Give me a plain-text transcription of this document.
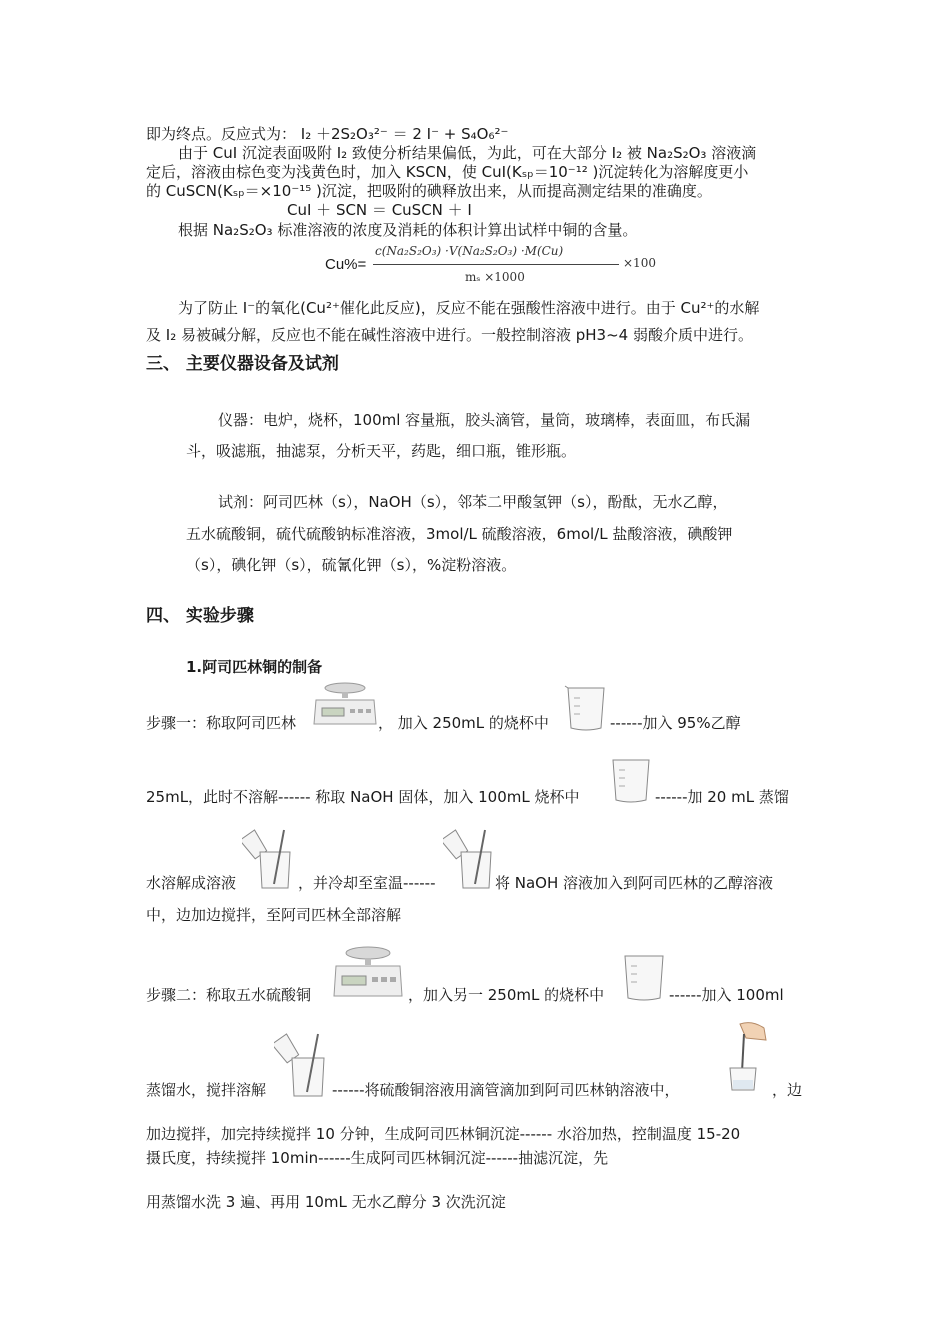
即为终点。反应式为： I₂ ＋2S₂O₃²⁻ ＝ 2 I⁻ + S₄O₆²⁻
由于 CuI 沉淀表面吸附 I₂ 致使分析结果偏低，为此，可在大部分 I₂ 被 Na₂S₂O₃ 溶液滴
定后，溶液由棕色变为浅黄色时，加入 KSCN，使 CuI(Kₛₚ＝10⁻¹² )沉淀转化为溶解度更小
的 CuSCN(Kₛₚ＝×10⁻¹⁵ )沉淀，把吸附的碘释放出来，从而提高测定结果的准确度。
CuI ＋ SCN ＝ CuSCN ＋ I
根据 Na₂S₂O₃ 标准溶液的浓度及消耗的体积计算出试样中铜的含量。
Cu%=
c(Na₂S₂O₃) ·V(Na₂S₂O₃) ·M(Cu)
mₛ ×1000
×100
为了防止 I⁻的氧化(Cu²⁺催化此反应)，反应不能在强酸性溶液中进行。由于 Cu²⁺的水解
及 I₂ 易被碱分解，反应也不能在碱性溶液中进行。一般控制溶液 pH3~4 弱酸介质中进行。
三、 主要仪器设备及试剂
仪器：电炉，烧杯，100ml 容量瓶，胶头滴管，量筒，玻璃棒，表面皿，布氏漏
斗，吸滤瓶，抽滤泵，分析天平，药匙，细口瓶，锥形瓶。
试剂：阿司匹林（s），NaOH（s），邻苯二甲酸氢钾（s），酚酞，无水乙醇，
五水硫酸铜，硫代硫酸钠标准溶液，3mol/L 硫酸溶液，6mol/L 盐酸溶液，碘酸钾
（s），碘化钾（s），硫氰化钾（s），%淀粉溶液。
四、 实验步骤
1.阿司匹林铜的制备
步骤一：称取阿司匹林	， 加入 250mL 的烧杯中	------加入 95%乙醇
25mL，此时不溶解------ 称取 NaOH 固体，加入 100mL 烧杯中	------加 20 mL 蒸馏
水溶解成溶液	，并冷却至室温------	将 NaOH 溶液加入到阿司匹林的乙醇溶液
中，边加边搅拌，至阿司匹林全部溶解
步骤二：称取五水硫酸铜	，加入另一 250mL 的烧杯中	------加入 100ml
蒸馏水，搅拌溶解	------将硫酸铜溶液用滴管滴加到阿司匹林钠溶液中，	，边
加边搅拌，加完持续搅拌 10 分钟，生成阿司匹林铜沉淀------ 水浴加热，控制温度 15-20
摄氏度，持续搅拌 10min------生成阿司匹林铜沉淀------抽滤沉淀，先
用蒸馏水洗 3 遍、再用 10mL 无水乙醇分 3 次洗沉淀
